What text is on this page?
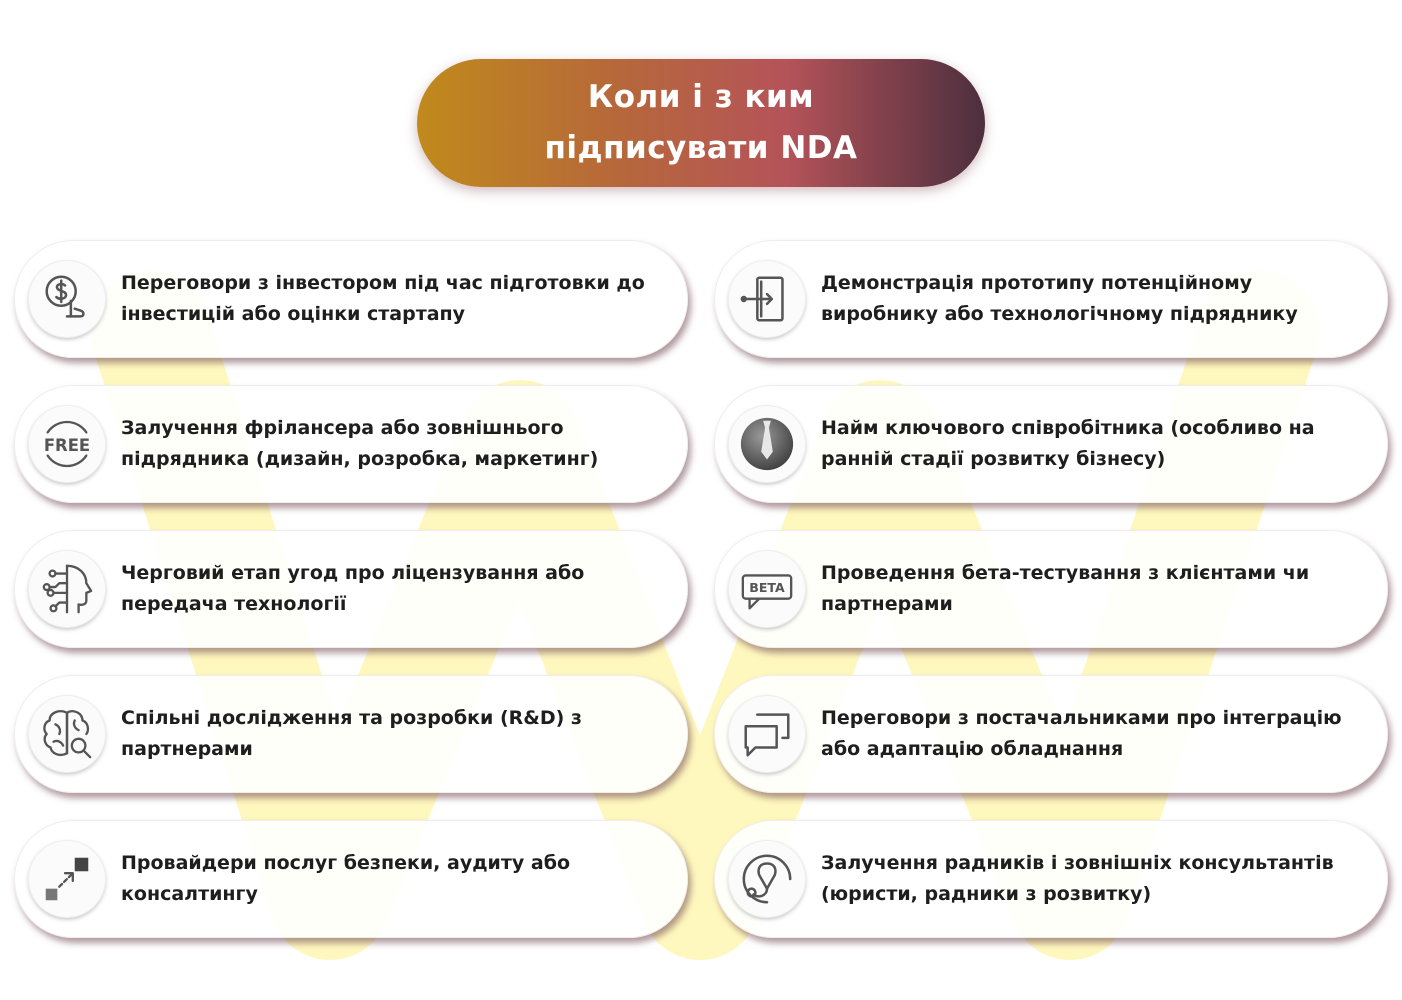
Коли і з ким
підписувати NDA
Переговори з інвестором під час підготовки до
інвестицій або оцінки стартапу
Демонстрація прототипу потенційному
виробнику або технологічному підряднику
FREE
Залучення фрілансера або зовнішнього
підрядника (дизайн, розробка, маркетинг)
Найм ключового співробітника (особливо на
ранній стадії розвитку бізнесу)
Черговий етап угод про ліцензування або
передача технології
BETA
Проведення бета-тестування з клієнтами чи
партнерами
Спільні дослідження та розробки (R&D) з
партнерами
Переговори з постачальниками про інтеграцію
або адаптацію обладнання
Провайдери послуг безпеки, аудиту або
консалтингу
Залучення радників і зовнішніх консультантів
(юристи, радники з розвитку)
